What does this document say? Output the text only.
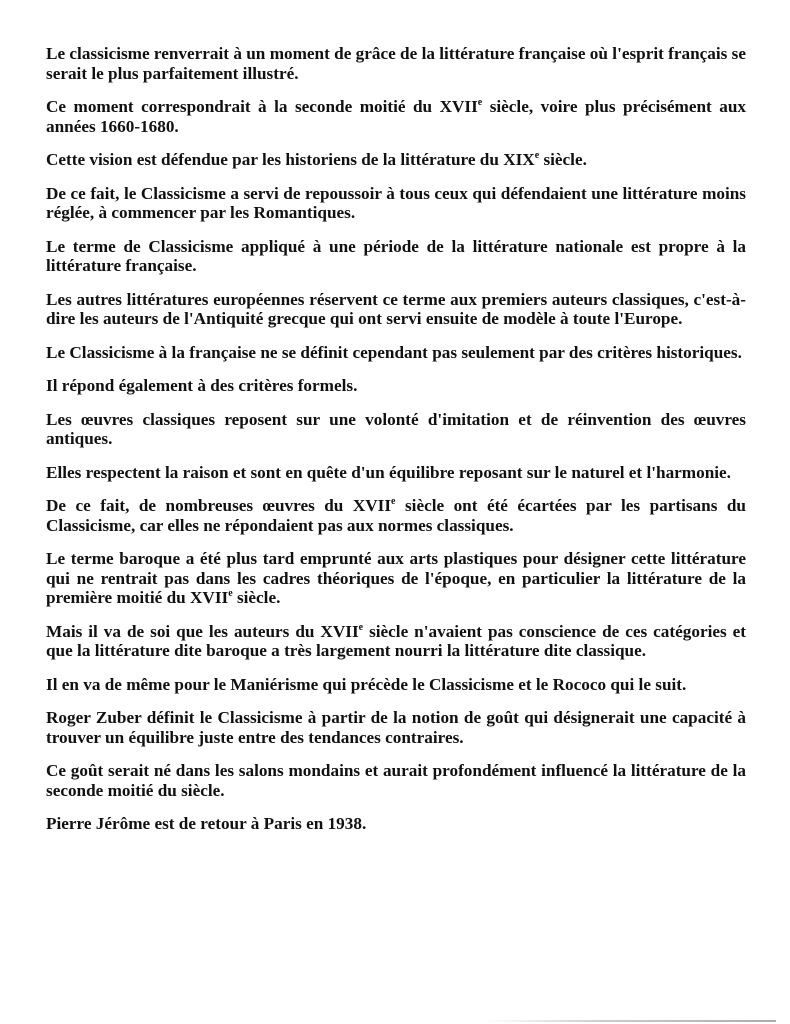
Le classicisme renverrait à un moment de grâce de la littérature française où l'esprit français se serait le plus parfaitement illustré.

Ce moment correspondrait à la seconde moitié du XVIIe siècle, voire plus précisément aux années 1660-1680.

Cette vision est défendue par les historiens de la littérature du XIXe siècle.

De ce fait, le Classicisme a servi de repoussoir à tous ceux qui défendaient une littérature moins réglée, à commencer par les Romantiques.

Le terme de Classicisme appliqué à une période de la littérature nationale est propre à la littérature française.

Les autres littératures européennes réservent ce terme aux premiers auteurs classiques, c'est-à-dire les auteurs de l'Antiquité grecque qui ont servi ensuite de modèle à toute l'Europe.

Le Classicisme à la française ne se définit cependant pas seulement par des critères historiques.

Il répond également à des critères formels.

Les œuvres classiques reposent sur une volonté d'imitation et de réinvention des œuvres antiques.

Elles respectent la raison et sont en quête d'un équilibre reposant sur le naturel et l'harmonie.

De ce fait, de nombreuses œuvres du XVIIe siècle ont été écartées par les partisans du Classicisme, car elles ne répondaient pas aux normes classiques.

Le terme baroque a été plus tard emprunté aux arts plastiques pour désigner cette littérature qui ne rentrait pas dans les cadres théoriques de l'époque, en particulier la littérature de la première moitié du XVIIe siècle.

Mais il va de soi que les auteurs du XVIIe siècle n'avaient pas conscience de ces catégories et que la littérature dite baroque a très largement nourri la littérature dite classique.

Il en va de même pour le Maniérisme qui précède le Classicisme et le Rococo qui le suit.

Roger Zuber définit le Classicisme à partir de la notion de goût qui désignerait une capacité à trouver un équilibre juste entre des tendances contraires.

Ce goût serait né dans les salons mondains et aurait profondément influencé la littérature de la seconde moitié du siècle.

Pierre Jérôme est de retour à Paris en 1938.
